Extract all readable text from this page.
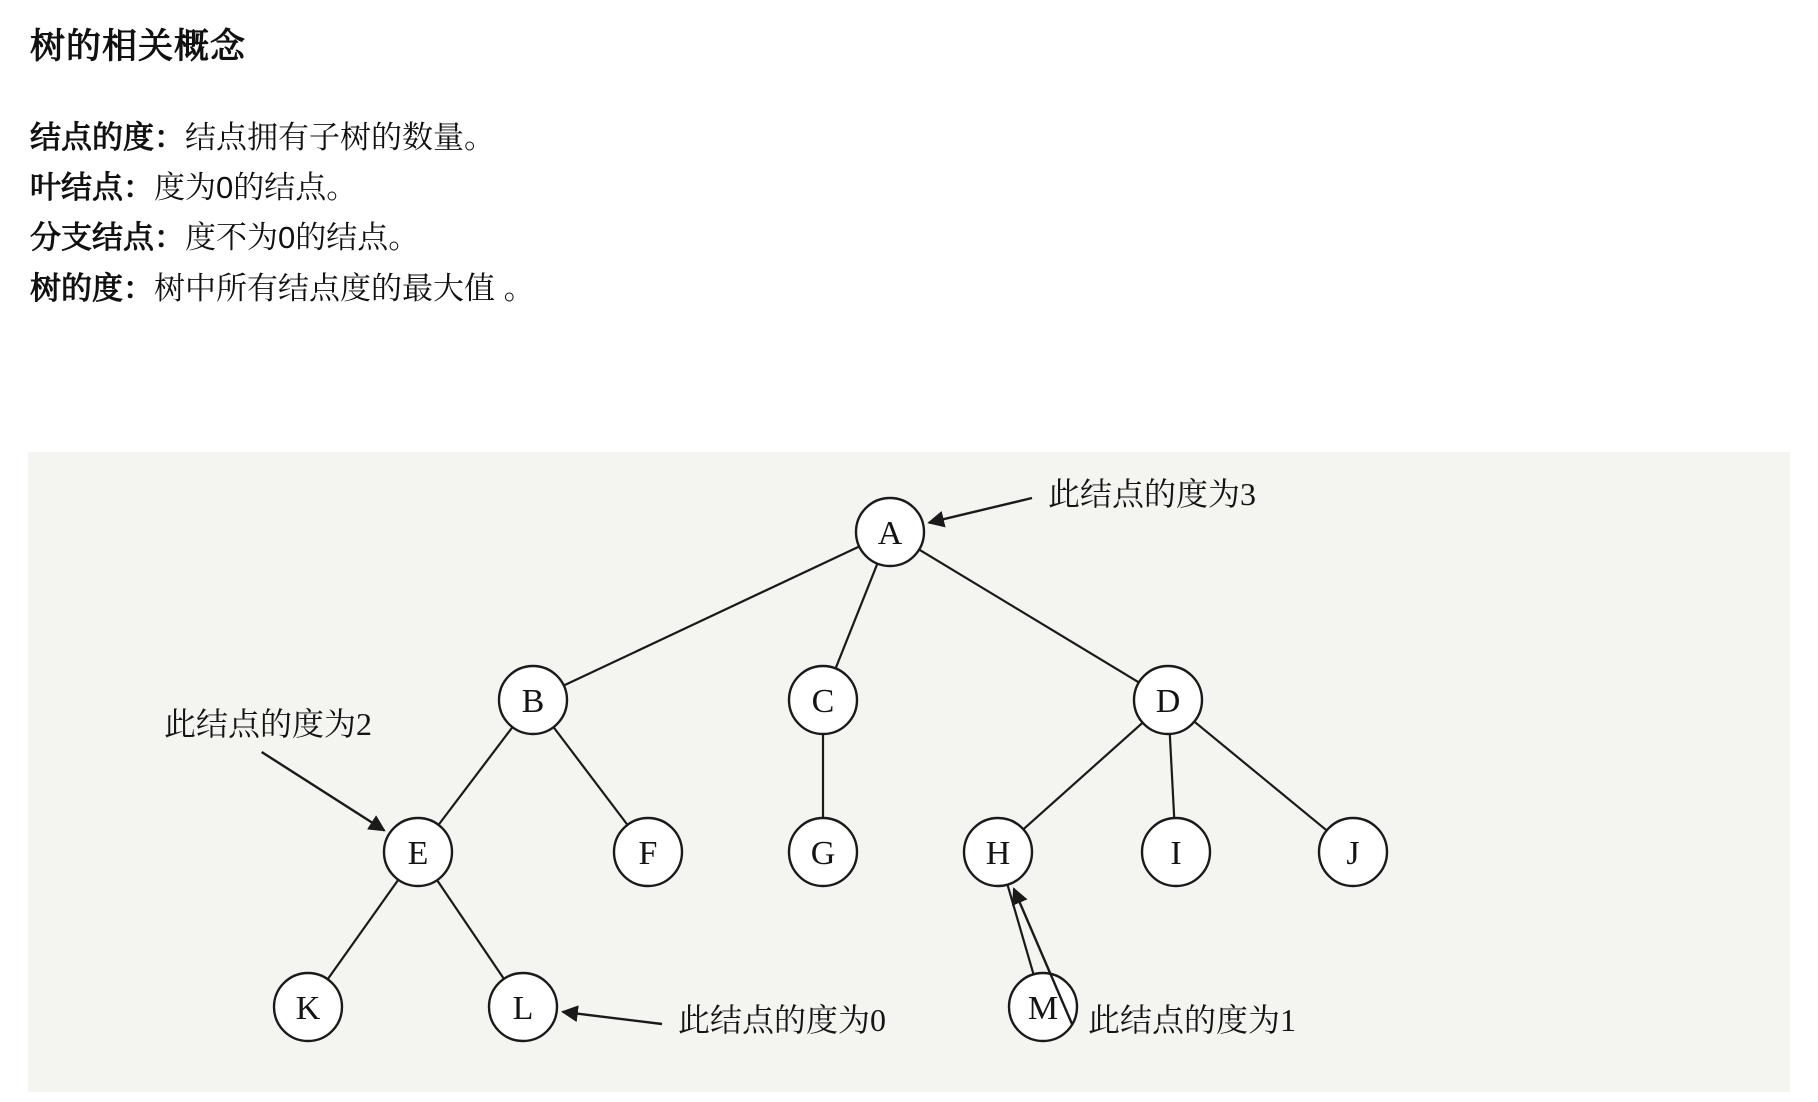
树的相关概念
结点的度：结点拥有子树的数量。
叶结点：度为0的结点。
分支结点：度不为0的结点。
树的度：树中所有结点度的最大值 。
A
B	C	D
E	F	G	H	I	J
K	L	M
此结点的度为3
此结点的度为2
此结点的度为0	此结点的度为1
